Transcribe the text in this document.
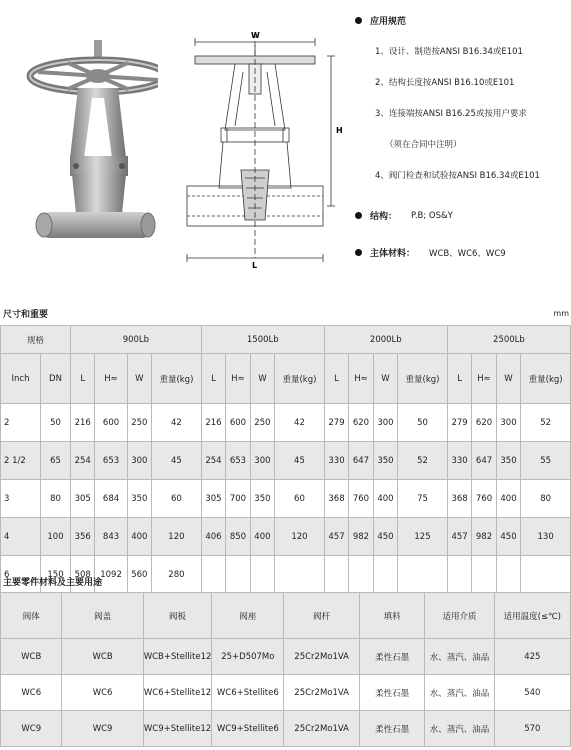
W
H
L
应用规范
1、设计、制造按ANSI B16.34或E101
2、结构长度按ANSI B16.10或E101
3、连接端按ANSI B16.25或按用户要求
（须在合同中注明）
4、阀门检查和试验按ANSI B16.34或E101
结构： P.B; OS&Y
主体材料： WCB、WC6、WC9
尺寸和重要	mm
规格		900Lb				1500Lb				2000Lb				2500Lb			
Inch	DN	L	H≈	W	重量(kg)	L	H≈	W	重量(kg)	L	H≈	W	重量(kg)	L	H≈	W	重量(kg)
2	50	216	600	250	42	216	600	250	42	279	620	300	50	279	620	300	52
2 1/2	65	254	653	300	45	254	653	300	45	330	647	350	52	330	647	350	55
3	80	305	684	350	60	305	700	350	60	368	760	400	75	368	760	400	80
4	100	356	843	400	120	406	850	400	120	457	982	450	125	457	982	450	130
6	150	508	1092	560	280												
主要零件材料及主要用途
阀体	阀盖	阀板	阀座	阀杆	填料	适用介质	适用温度(≤℃)
WCB	WCB	WCB+Stellite12	25+D507Mo	25Cr2Mo1VA	柔性石墨	水、蒸汽、油品	425
WC6	WC6	WC6+Stellite12	WC6+Stellite6	25Cr2Mo1VA	柔性石墨	水、蒸汽、油品	540
WC9	WC9	WC9+Stellite12	WC9+Stellite6	25Cr2Mo1VA	柔性石墨	水、蒸汽、油品	570
